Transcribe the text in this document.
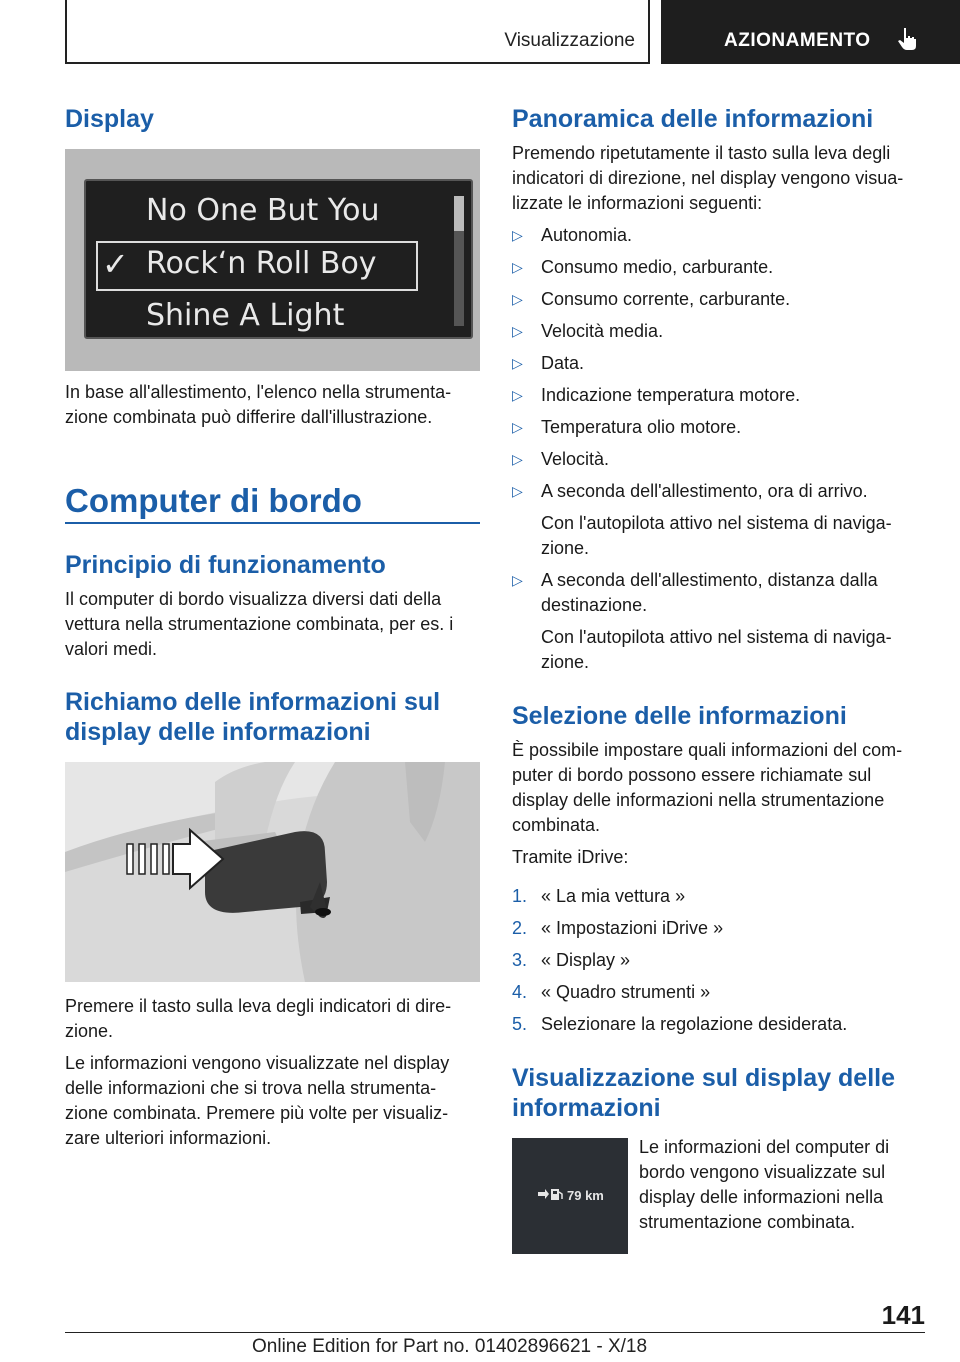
Visualizzazione	AZIONAMENTO
Display
No One But You
✓ Rock‘n Roll Boy
Shine A Light
In base all'allestimento, l'elenco nella strumenta-
zione combinata può differire dall'illustrazione.
Computer di bordo
Principio di funzionamento
Il computer di bordo visualizza diversi dati della
vettura nella strumentazione combinata, per es. i
valori medi.
Richiamo delle informazioni sul
display delle informazioni
Premere il tasto sulla leva degli indicatori di dire-
zione.
Le informazioni vengono visualizzate nel display
delle informazioni che si trova nella strumenta-
zione combinata. Premere più volte per visualiz-
zare ulteriori informazioni.
Panoramica delle informazioni
Premendo ripetutamente il tasto sulla leva degli
indicatori di direzione, nel display vengono visua-
lizzate le informazioni seguenti:
▷ Autonomia.
▷ Consumo medio, carburante.
▷ Consumo corrente, carburante.
▷ Velocità media.
▷ Data.
▷ Indicazione temperatura motore.
▷ Temperatura olio motore.
▷ Velocità.
▷ A seconda dell'allestimento, ora di arrivo.
Con l'autopilota attivo nel sistema di naviga-
zione.
▷ A seconda dell'allestimento, distanza dalla
destinazione.
Con l'autopilota attivo nel sistema di naviga-
zione.
Selezione delle informazioni
È possibile impostare quali informazioni del com-
puter di bordo possono essere richiamate sul
display delle informazioni nella strumentazione
combinata.
Tramite iDrive:
1. « La mia vettura »
2. « Impostazioni iDrive »
3. « Display »
4. « Quadro strumenti »
5. Selezionare la regolazione desiderata.
Visualizzazione sul display delle
informazioni
79 km
Le informazioni del computer di
bordo vengono visualizzate sul
display delle informazioni nella
strumentazione combinata.
141
Online Edition for Part no. 01402896621 - X/18
